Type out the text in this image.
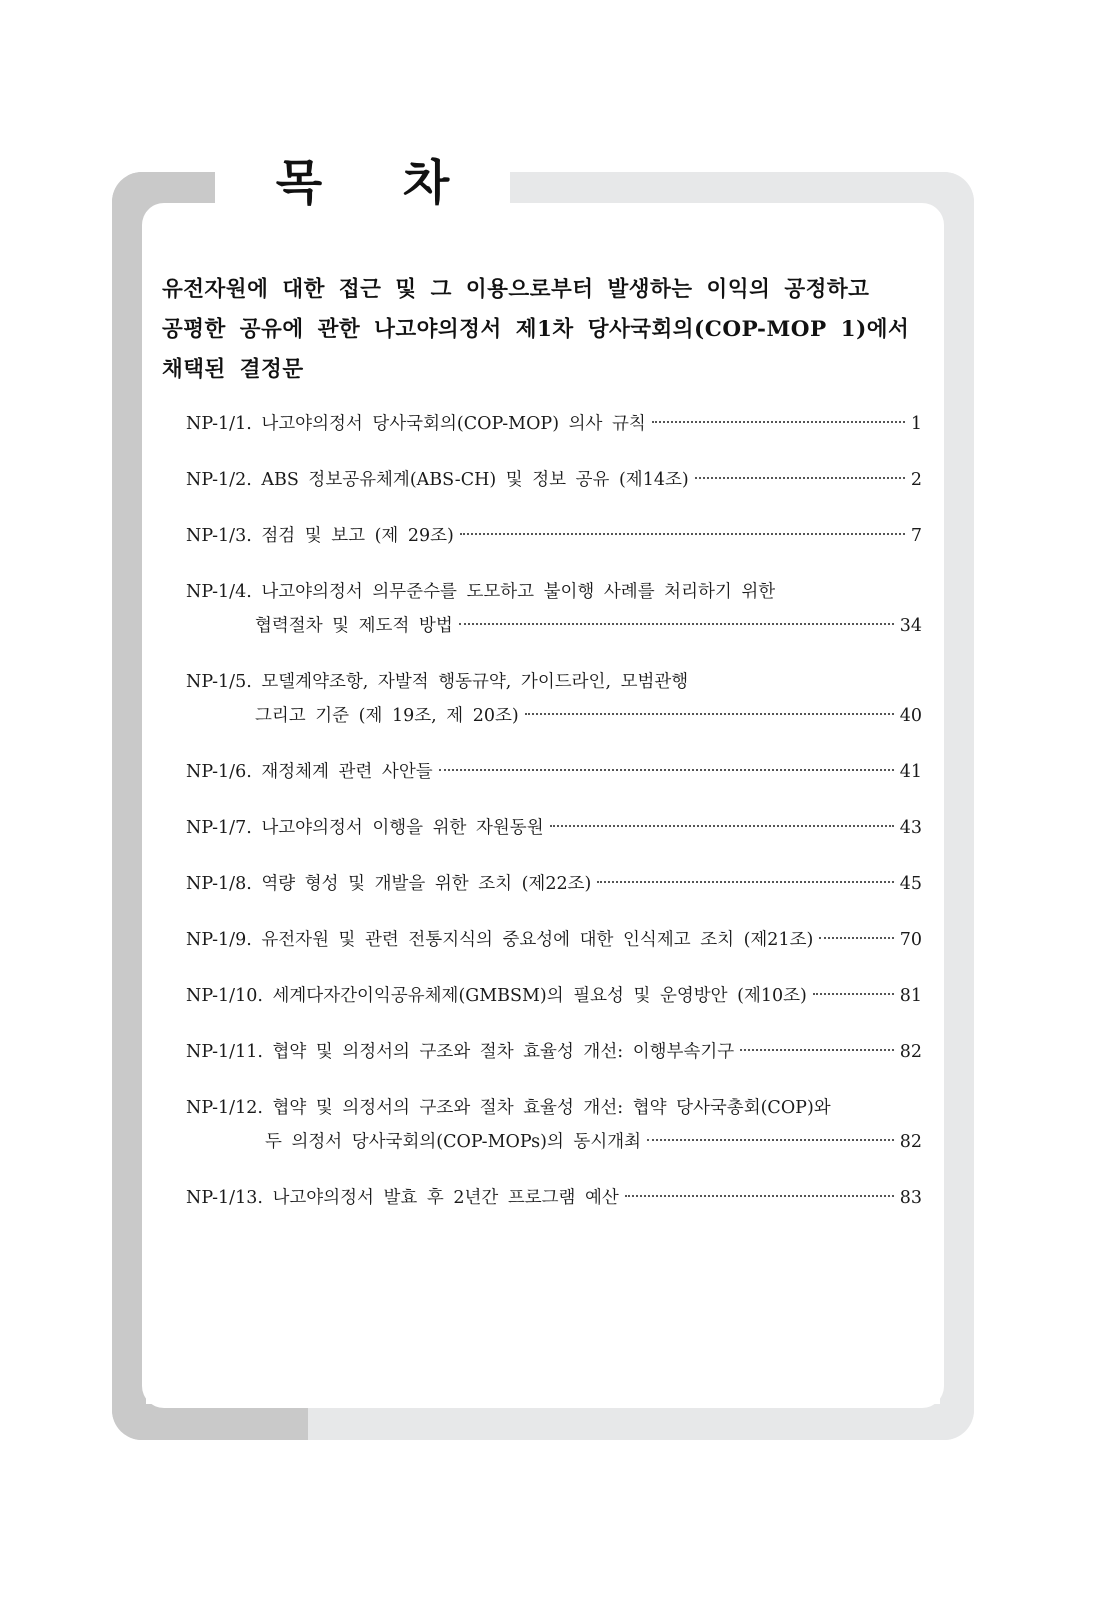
목 차
유전자원에 대한 접근 및 그 이용으로부터 발생하는 이익의 공정하고
공평한 공유에 관한 나고야의정서 제1차 당사국회의(COP-MOP 1)에서
채택된 결정문
NP-1/1.
나고야의정서 당사국회의(COP-MOP) 의사 규칙	1
NP-1/2.
ABS 정보공유체계(ABS-CH) 및 정보 공유 (제14조)	2
NP-1/3.
점검 및 보고 (제 29조)	7
NP-1/4.
나고야의정서 의무준수를 도모하고 불이행 사례를 처리하기 위한
협력절차 및 제도적 방법	34
NP-1/5.
모델계약조항, 자발적 행동규약, 가이드라인, 모범관행
그리고 기준 (제 19조, 제 20조)	40
NP-1/6.
재정체계 관련 사안들	41
NP-1/7.
나고야의정서 이행을 위한 자원동원	43
NP-1/8.
역량 형성 및 개발을 위한 조치 (제22조)	45
NP-1/9.
유전자원 및 관련 전통지식의 중요성에 대한 인식제고 조치 (제21조)	70
NP-1/10.
세계다자간이익공유체제(GMBSM)의 필요성 및 운영방안 (제10조)	81
NP-1/11.
협약 및 의정서의 구조와 절차 효율성 개선: 이행부속기구	82
NP-1/12.
협약 및 의정서의 구조와 절차 효율성 개선: 협약 당사국총회(COP)와
두 의정서 당사국회의(COP-MOPs)의 동시개최	82
NP-1/13.
나고야의정서 발효 후 2년간 프로그램 예산	83
